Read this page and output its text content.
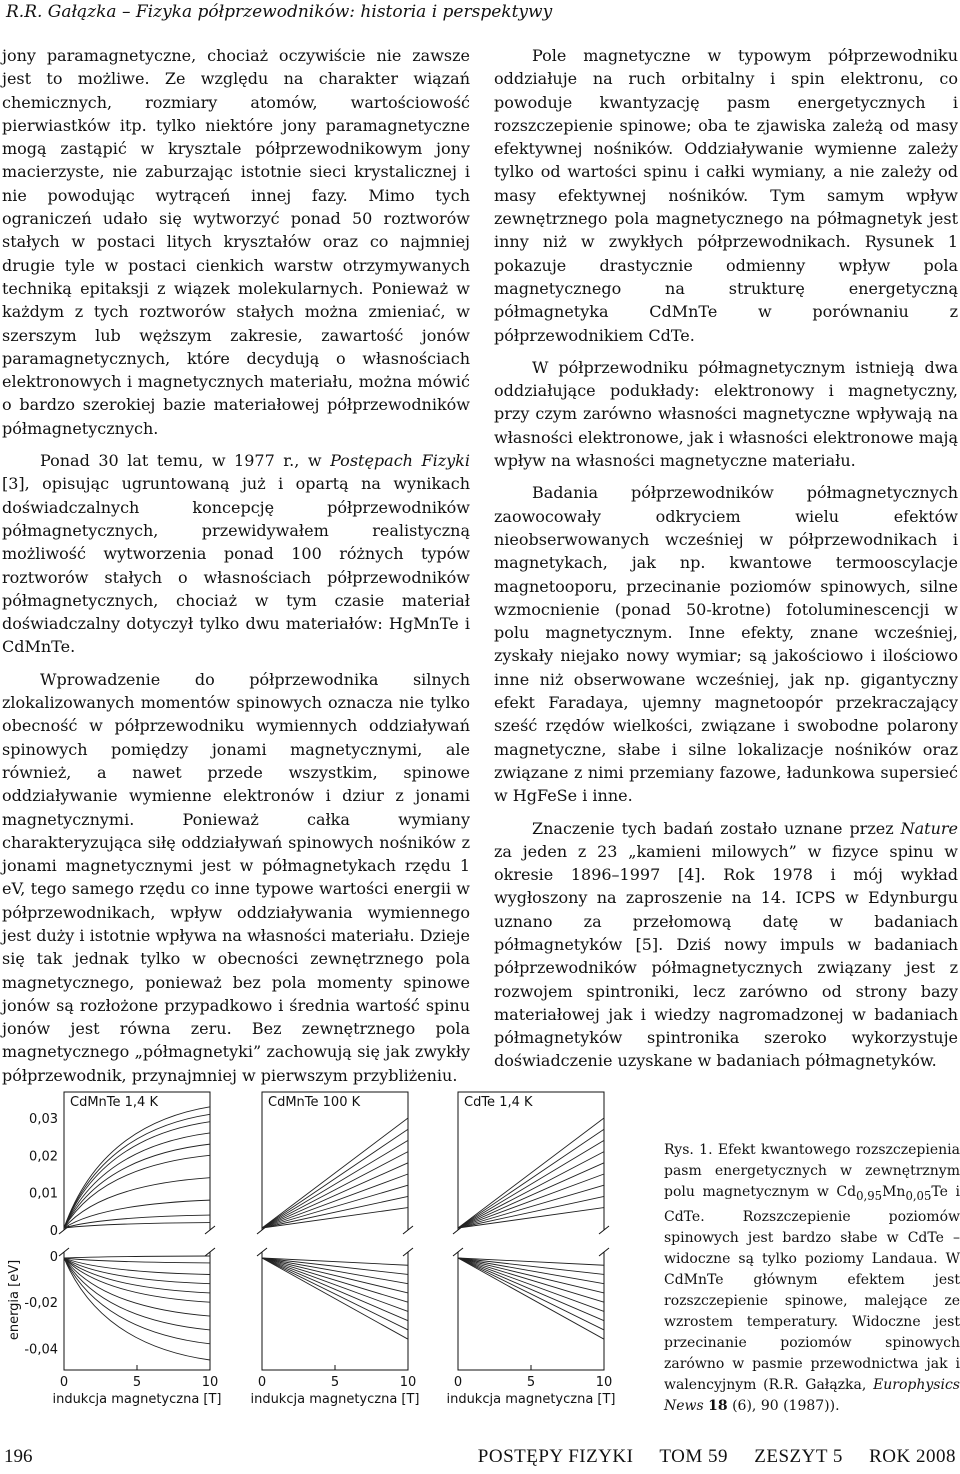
R.R. Gałązka – Fizyka półprzewodników: historia i perspektywy

jony paramagnetyczne, chociaż oczywiście nie zawsze jest to możliwe. Ze względu na charakter wiązań chemicznych, rozmiary atomów, wartościowość pierwiastków itp. tylko niektóre jony paramagnetyczne mogą zastąpić w krysztale półprzewodnikowym jony macierzyste, nie zaburzając istotnie sieci krystalicznej i nie powodując wytrąceń innej fazy. Mimo tych ograniczeń udało się wytworzyć ponad 50 roztworów stałych w postaci litych kryształów oraz co najmniej drugie tyle w postaci cienkich warstw otrzymywanych techniką epitaksji z wiązek molekularnych. Ponieważ w każdym z tych roztworów stałych można zmieniać, w szerszym lub węższym zakresie, zawartość jonów paramagnetycznych, które decydują o własnościach elektronowych i magnetycznych materiału, można mówić o bardzo szerokiej bazie materiałowej półprzewodników półmagnetycznych.

Ponad 30 lat temu, w 1977 r., w Postępach Fizyki [3], opisując ugruntowaną już i opartą na wynikach doświadczalnych koncepcję półprzewodników półmagnetycznych, przewidywałem realistyczną możliwość wytworzenia ponad 100 różnych typów roztworów stałych o własnościach półprzewodników półmagnetycznych, chociaż w tym czasie materiał doświadczalny dotyczył tylko dwu materiałów: HgMnTe i CdMnTe.

Wprowadzenie do półprzewodnika silnych zlokalizowanych momentów spinowych oznacza nie tylko obecność w półprzewodniku wymiennych oddziaływań spinowych pomiędzy jonami magnetycznymi, ale również, a nawet przede wszystkim, spinowe oddziaływanie wymienne elektronów i dziur z jonami magnetycznymi. Ponieważ całka wymiany charakteryzująca siłę oddziaływań spinowych nośników z jonami magnetycznymi jest w półmagnetykach rzędu 1 eV, tego samego rzędu co inne typowe wartości energii w półprzewodnikach, wpływ oddziaływania wymiennego jest duży i istotnie wpływa na własności materiału. Dzieje się tak jednak tylko w obecności zewnętrznego pola magnetycznego, ponieważ bez pola momenty spinowe jonów są rozłożone przypadkowo i średnia wartość spinu jonów jest równa zeru. Bez zewnętrznego pola magnetycznego „półmagnetyki” zachowują się jak zwykły półprzewodnik, przynajmniej w pierwszym przybliżeniu.

Pole magnetyczne w typowym półprzewodniku oddziałuje na ruch orbitalny i spin elektronu, co powoduje kwantyzację pasm energetycznych i rozszczepienie spinowe; oba te zjawiska zależą od masy efektywnej nośników. Oddziaływanie wymienne zależy tylko od wartości spinu i całki wymiany, a nie zależy od masy efektywnej nośników. Tym samym wpływ zewnętrznego pola magnetycznego na półmagnetyk jest inny niż w zwykłych półprzewodnikach. Rysunek 1 pokazuje drastycznie odmienny wpływ pola magnetycznego na strukturę energetyczną półmagnetyka CdMnTe w porównaniu z półprzewodnikiem CdTe.

W półprzewodniku półmagnetycznym istnieją dwa oddziałujące podukłady: elektronowy i magnetyczny, przy czym zarówno własności magnetyczne wpływają na własności elektronowe, jak i własności elektronowe mają wpływ na własności magnetyczne materiału.

Badania półprzewodników półmagnetycznych zaowocowały odkryciem wielu efektów nieobserwowanych wcześniej w półprzewodnikach i magnetykach, jak np. kwantowe termooscylacje magnetooporu, przecinanie poziomów spinowych, silne wzmocnienie (ponad 50-krotne) fotoluminescencji w polu magnetycznym. Inne efekty, znane wcześniej, zyskały niejako nowy wymiar; są jakościowo i ilościowo inne niż obserwowane wcześniej, jak np. gigantyczny efekt Faradaya, ujemny magnetoopór przekraczający sześć rzędów wielkości, związane i swobodne polarony magnetyczne, słabe i silne lokalizacje nośników oraz związane z nimi przemiany fazowe, ładunkowa supersieć w HgFeSe i inne.

Znaczenie tych badań zostało uznane przez Nature za jeden z 23 „kamieni milowych” w fizyce spinu w okresie 1896–1997 [4]. Rok 1978 i mój wykład wygłoszony na zaproszenie na 14. ICPS w Edynburgu uznano za przełomową datę w badaniach półmagnetyków [5]. Dziś nowy impuls w badaniach półprzewodników półmagnetycznych związany jest z rozwojem spintroniki, lecz zarówno od strony bazy materiałowej jak i wiedzy nagromadzonej w badaniach półmagnetyków spintronika szeroko wykorzystuje doświadczenie uzyskane w badaniach półmagnetyków.

energia [eV]
0,03
0,02
0,01
0
0
-0,02
-0,04
CdMnTe 1,4 K
0	5	10
indukcja magnetyczna [T]
CdMnTe 100 K
0	5	10
indukcja magnetyczna [T]
CdTe 1,4 K
0	5	10
indukcja magnetyczna [T]
Rys. 1. Efekt kwantowego rozszczepienia pasm energetycznych w zewnętrznym polu magnetycznym w $Cd_{0,95}Mn_{0,05}Te$ i CdTe. Rozszczepienie poziomów spinowych jest bardzo słabe w CdTe – widoczne są tylko poziomy Landaua. W CdMnTe głównym efektem jest rozszczepienie spinowe, malejące ze wzrostem temperatury. Widoczne jest przecinanie poziomów spinowych zarówno w pasmie przewodnictwa jak i walencyjnym (R.R. Gałązka, Europhysics News 18 (6), 90 (1987)).
196	POSTĘPY FIZYKI     TOM 59     ZESZYT 5     ROK 2008
